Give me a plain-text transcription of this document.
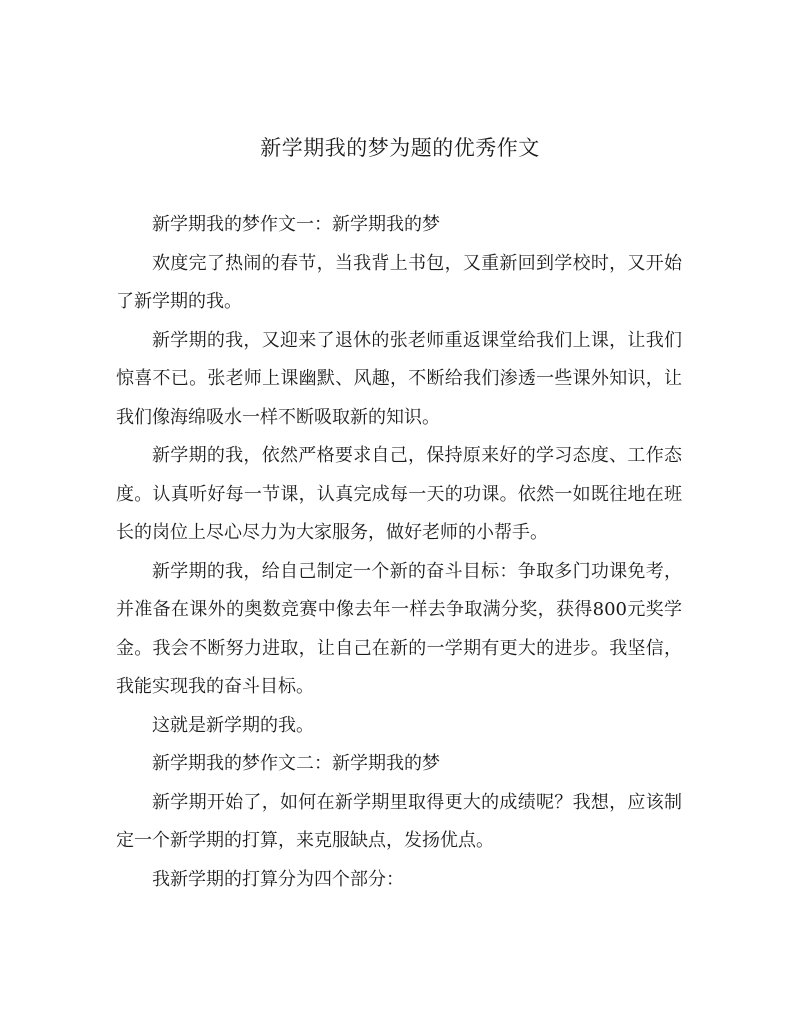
新学期我的梦为题的优秀作文

新学期我的梦作文一：新学期我的梦

欢度完了热闹的春节，当我背上书包，又重新回到学校时，又开始了新学期的我。

新学期的我，又迎来了退休的张老师重返课堂给我们上课，让我们惊喜不已。张老师上课幽默、风趣，不断给我们渗透一些课外知识，让我们像海绵吸水一样不断吸取新的知识。

新学期的我，依然严格要求自己，保持原来好的学习态度、工作态度。认真听好每一节课，认真完成每一天的功课。依然一如既往地在班长的岗位上尽心尽力为大家服务，做好老师的小帮手。

新学期的我，给自己制定一个新的奋斗目标：争取多门功课免考，并准备在课外的奥数竞赛中像去年一样去争取满分奖，获得800元奖学金。我会不断努力进取，让自己在新的一学期有更大的进步。我坚信，我能实现我的奋斗目标。

这就是新学期的我。

新学期我的梦作文二：新学期我的梦

新学期开始了，如何在新学期里取得更大的成绩呢？我想，应该制定一个新学期的打算，来克服缺点，发扬优点。

我新学期的打算分为四个部分：
